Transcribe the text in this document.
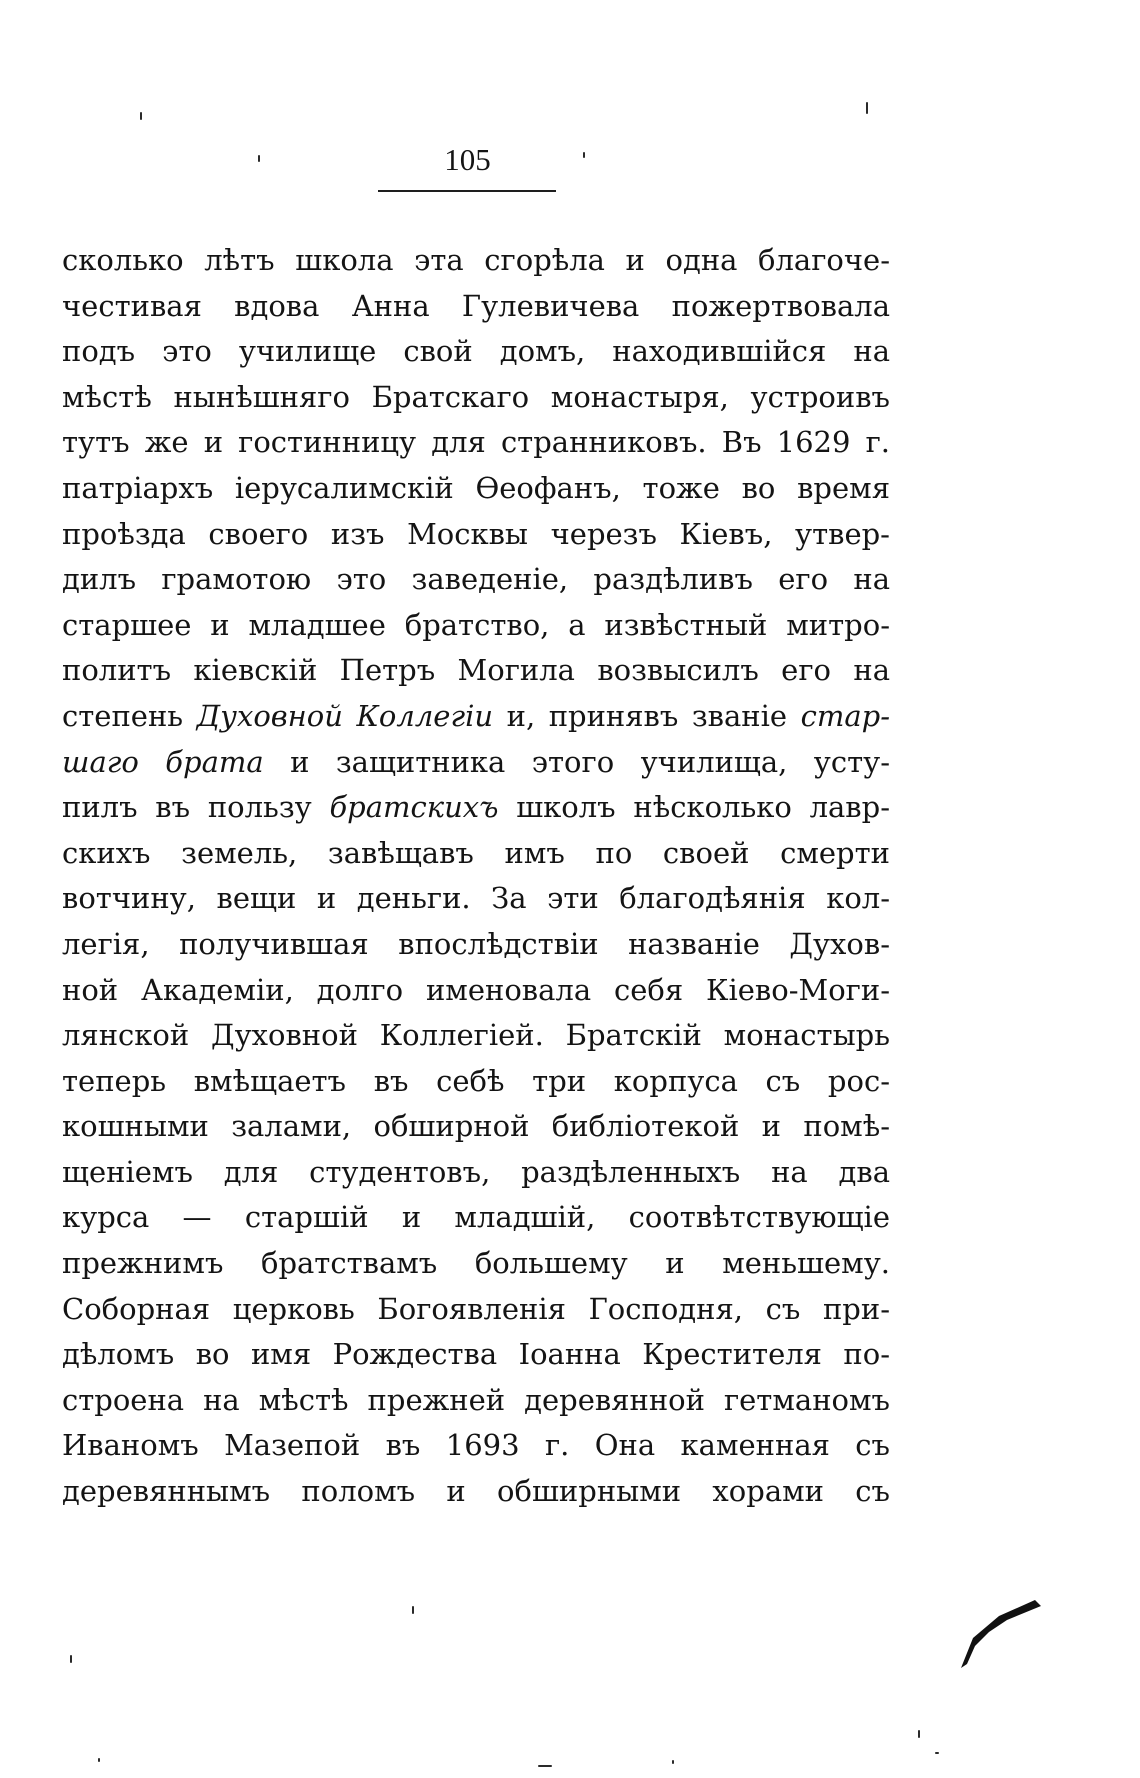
105
сколько лѣтъ школа эта сгорѣла и одна благоче-
честивая вдова Анна Гулевичева пожертвовала
подъ это училище свой домъ, находившійся на
мѣстѣ нынѣшняго Братскаго монастыря, устроивъ
тутъ же и гостинницу для странниковъ. Въ 1629 г.
патріархъ іерусалимскій Ѳеофанъ, тоже во время
проѣзда своего изъ Москвы черезъ Кіевъ, утвер-
дилъ грамотою это заведеніе, раздѣливъ его на
старшее и младшее братство, а извѣстный митро-
политъ кіевскій Петръ Могила возвысилъ его на
степень Духовной Коллегіи и, принявъ званіе стар-
шаго брата и защитника этого училища, усту-
пилъ въ пользу братскихъ школъ нѣсколько лавр-
скихъ земель, завѣщавъ имъ по своей смерти
вотчину, вещи и деньги. За эти благодѣянія кол-
легія, получившая впослѣдствіи названіе Духов-
ной Академіи, долго именовала себя Кіево-Моги-
лянской Духовной Коллегіей. Братскій монастырь
теперь вмѣщаетъ въ себѣ три корпуса съ рос-
кошными залами, обширной библіотекой и помѣ-
щеніемъ для студентовъ, раздѣленныхъ на два
курса — старшій и младшій, соотвѣтствующіе
прежнимъ братствамъ большему и меньшему.
Соборная церковь Богоявленія Господня, съ при-
дѣломъ во имя Рождества Іоанна Крестителя по-
строена на мѣстѣ прежней деревянной гетманомъ
Иваномъ Мазепой въ 1693 г. Она каменная съ
деревяннымъ поломъ и обширными хорами съ
